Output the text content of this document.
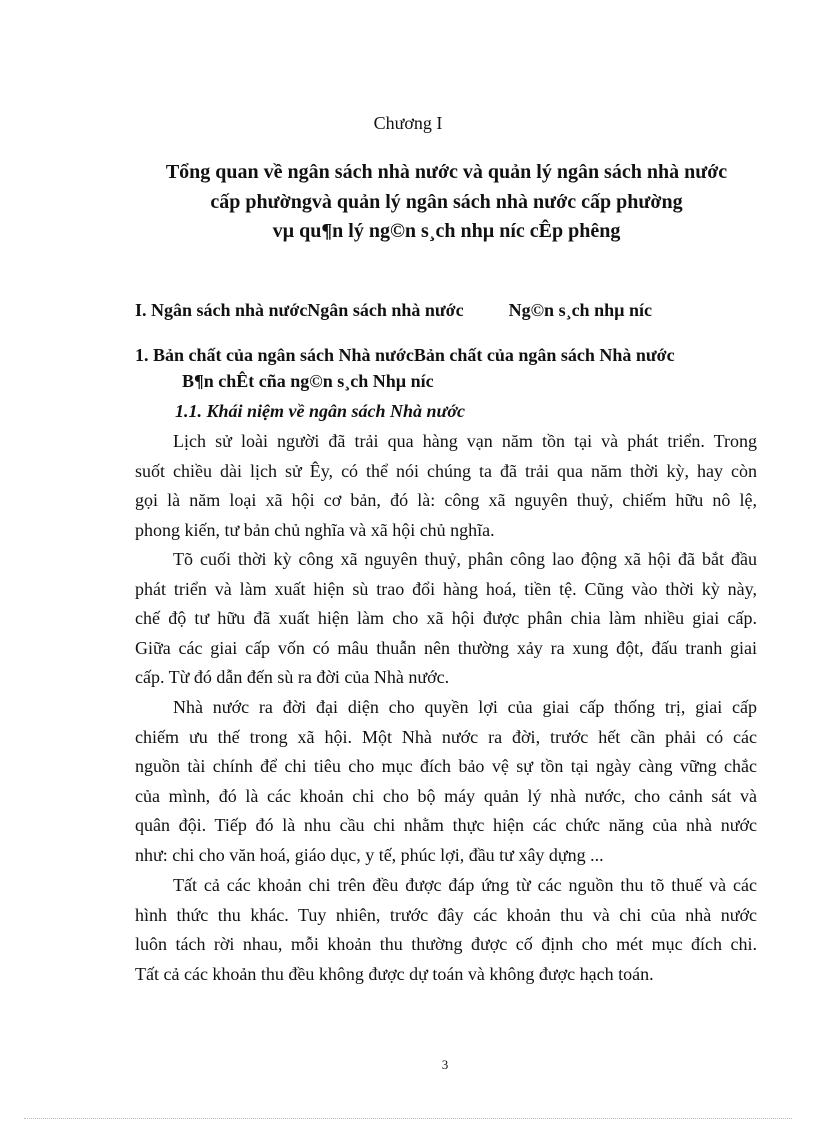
Chương I
Tổng quan về ngân sách nhà nước và quản lý ngân sách nhà nước
cấp phườngvà quản lý ngân sách nhà nước cấp phường
vµ qu¶n lý ng©n s¸ch nhµ níc cÊp phêng
I. Ngân sách nhà nướcNgân sách nhà nước          Ng©n s¸ch nhµ níc
1. Bản chất của ngân sách Nhà nướcBản chất của ngân sách Nhà nước
B¶n chÊt cña ng©n s¸ch Nhµ níc
1.1. Khái niệm về ngân sách Nhà nước
Lịch sử loài người đã trải qua hàng vạn năm tồn tại và phát triển. Trong
suốt chiều dài lịch sử Êy, có thể nói chúng ta đã trải qua năm thời kỳ, hay còn
gọi là năm loại xã hội cơ bản, đó là: công xã nguyên thuỷ, chiếm hữu nô lệ,
phong kiến, tư bản chủ nghĩa và xã hội chủ nghĩa.
Tõ cuối thời kỳ công xã nguyên thuỷ, phân công lao động xã hội đã bắt đầu
phát triển và làm xuất hiện sù trao đổi hàng hoá, tiền tệ. Cũng vào thời kỳ này,
chế độ tư hữu đã xuất hiện làm cho xã hội được phân chia làm nhiều giai cấp.
Giữa các giai cấp vốn có mâu thuẫn nên thường xảy ra xung đột, đấu tranh giai
cấp. Từ đó dẫn đến sù ra đời của Nhà nước.
Nhà nước ra đời đại diện cho quyền lợi của giai cấp thống trị, giai cấp
chiếm ưu thế trong xã hội. Một Nhà nước ra đời, trước hết cần phải có các
nguồn tài chính để chi tiêu cho mục đích bảo vệ sự tồn tại ngày càng vững chắc
của mình, đó là các khoản chi cho bộ máy quản lý nhà nước, cho cảnh sát và
quân đội. Tiếp đó là nhu cầu chi nhằm thực hiện các chức năng của nhà nước
như: chi cho văn hoá, giáo dục, y tế, phúc lợi, đầu tư xây dựng ...
Tất cả các khoản chi trên đều được đáp ứng từ các nguồn thu tõ thuế và các
hình thức thu khác. Tuy nhiên, trước đây các khoản thu và chi của nhà nước
luôn tách rời nhau, mỗi khoản thu thường được cố định cho mét mục đích chi.
Tất cả các khoản thu đều không được dự toán và không được hạch toán.
3
